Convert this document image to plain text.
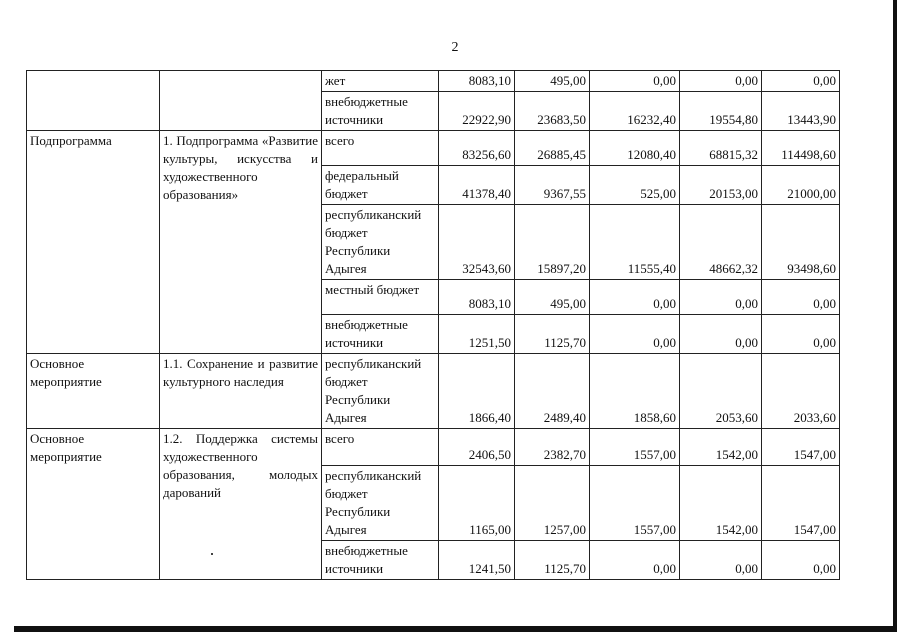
2
		жет	8083,10	495,00	0,00	0,00	0,00
		внебюджетные источники	22922,90	23683,50	16232,40	19554,80	13443,90
Подпрограмма	1. Подпрограмма «Развитие культуры, искусства и художественного образования»	всего	83256,60	26885,45	12080,40	68815,32	114498,60
		федеральный бюджет	41378,40	9367,55	525,00	20153,00	21000,00
		республиканский бюджет Республики Адыгея	32543,60	15897,20	11555,40	48662,32	93498,60
		местный бюджет	8083,10	495,00	0,00	0,00	0,00
		внебюджетные источники	1251,50	1125,70	0,00	0,00	0,00
Основное мероприятие	1.1. Сохранение и развитие культурного наследия	республиканский бюджет Республики Адыгея	1866,40	2489,40	1858,60	2053,60	2033,60
Основное мероприятие	1.2. Поддержка системы художественного образования, молодых дарований	всего	2406,50	2382,70	1557,00	1542,00	1547,00
		республиканский бюджет Республики Адыгея	1165,00	1257,00	1557,00	1542,00	1547,00
		внебюджетные источники	1241,50	1125,70	0,00	0,00	0,00
